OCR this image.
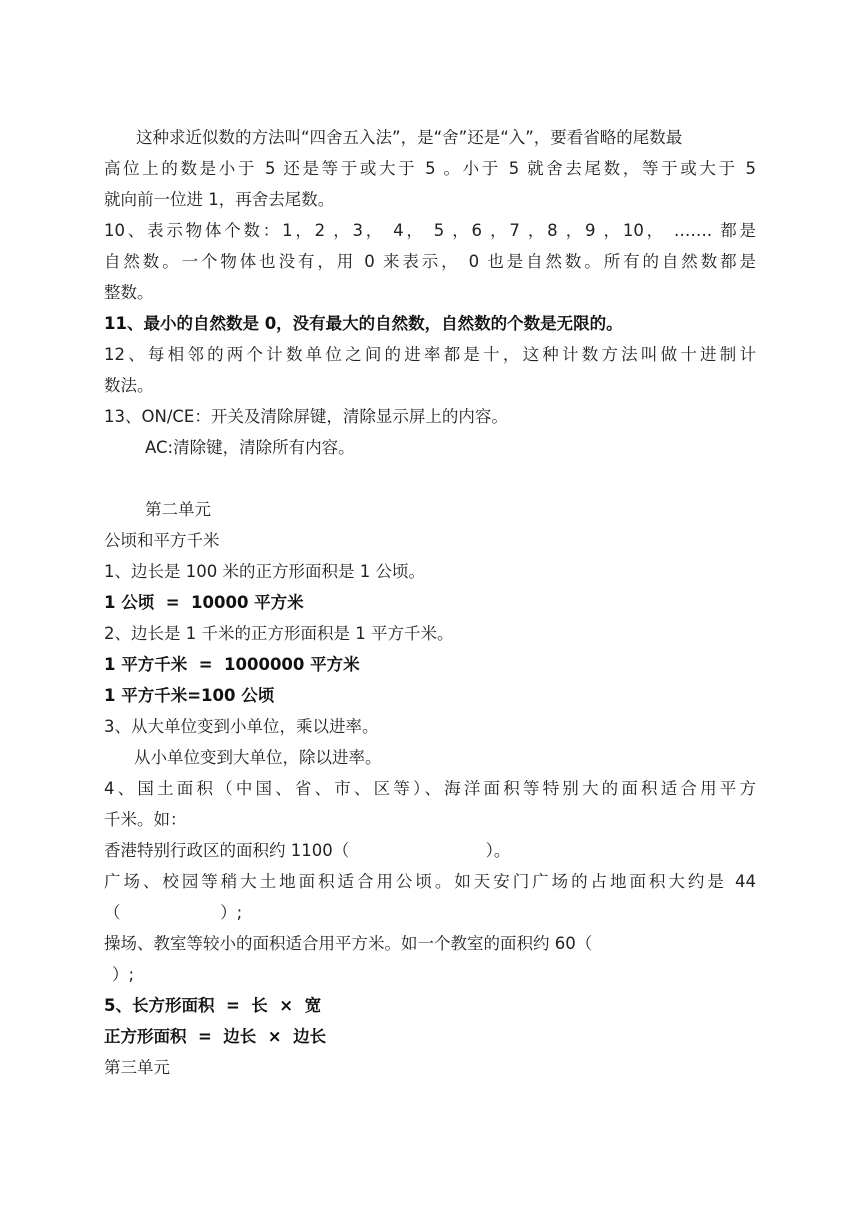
这种求近似数的方法叫“四舍五入法”，是“舍”还是“入”，要看省略的尾数最
高位上的数是小于 5 还是等于或大于 5 。小于 5 就舍去尾数，等于或大于 5
就向前一位进 1，再舍去尾数。
10、表示物体个数：1，2 ，3， 4， 5 ，6 ，7 ，8 ，9 ，10， ……. 都是
自然数。一个物体也没有，用 0 来表示， 0 也是自然数。所有的自然数都是
整数。
11、最小的自然数是 0，没有最大的自然数，自然数的个数是无限的。
12、每相邻的两个计数单位之间的进率都是十，这种计数方法叫做十进制计
数法。
13、ON/CE：开关及清除屏键，清除显示屏上的内容。
AC:清除键，清除所有内容。
第二单元
公顷和平方千米
1、边长是 100 米的正方形面积是 1 公顷。
1 公顷  =  10000 平方米
2、边长是 1 千米的正方形面积是 1 平方千米。
1 平方千米  =  1000000 平方米
1 平方千米=100 公顷
3、从大单位变到小单位，乘以进率。
从小单位变到大单位，除以进率。
4、国土面积（中国、省、市、区等）、海洋面积等特别大的面积适合用平方
千米。如：
香港特别行政区的面积约 1100（                          ）。
广场、校园等稍大土地面积适合用公顷。如天安门广场的占地面积大约是 44
（                   ）;
操场、教室等较小的面积适合用平方米。如一个教室的面积约 60（
）;
5、长方形面积  =  长  ×  宽
正方形面积  =  边长  ×  边长
第三单元
